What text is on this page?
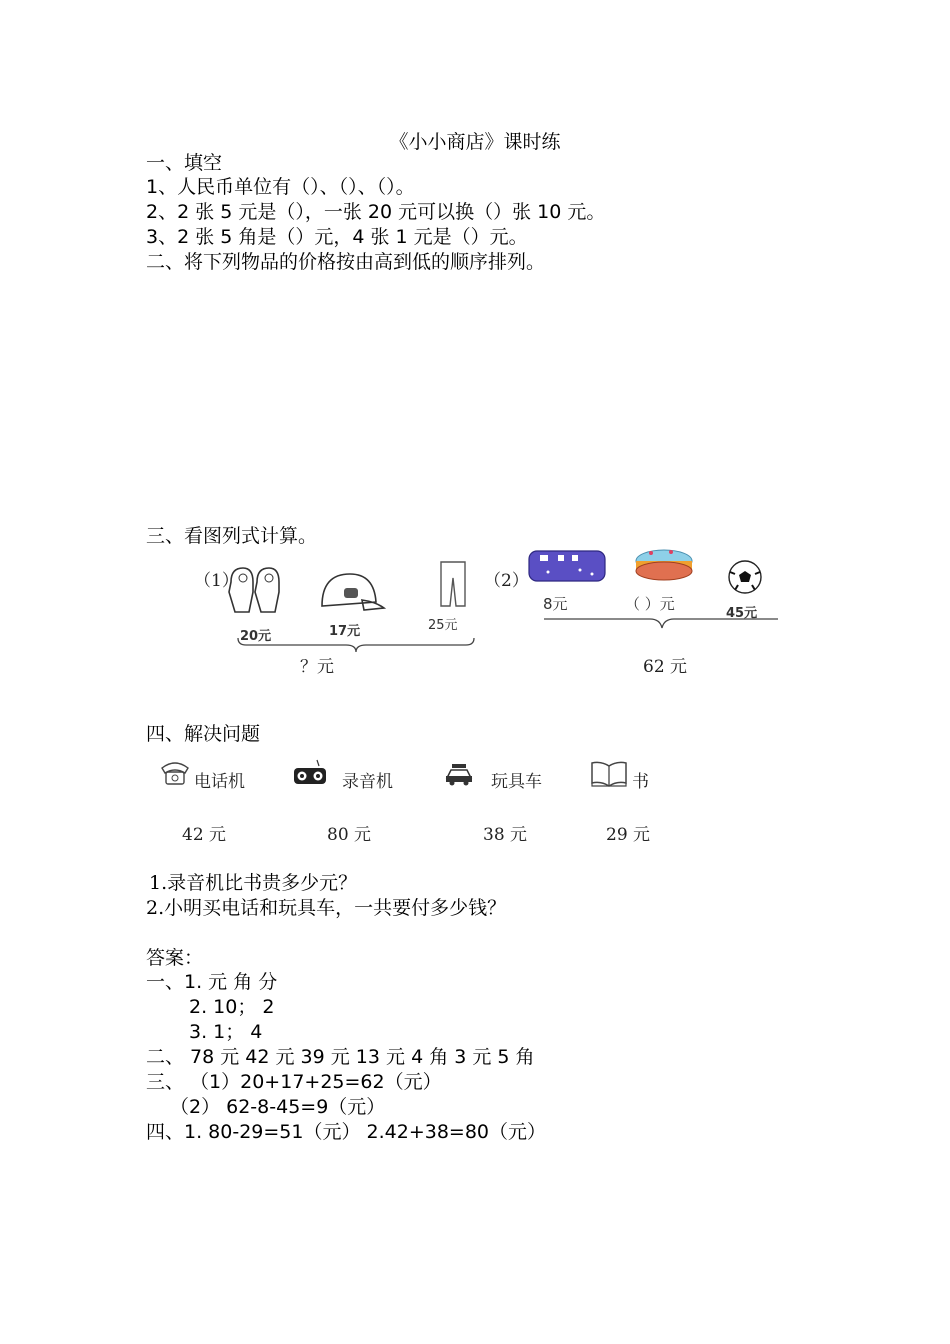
《小小商店》课时练
一、填空
1、人民币单位有（）、（）、（）。
2、2 张 5 元是（），一张 20 元可以换（）张 10 元。
3、2 张 5 角是（）元，4 张 1 元是（）元。
二、将下列物品的价格按由高到低的顺序排列。
三、看图列式计算。
（1）
20元	17元	25元
？元
（2）
8元	（ ）元
45元
62 元
四、解决问题
电话机	录音机	玩具车	书
42 元	80 元	38 元	29 元
1.录音机比书贵多少元？
2.小明买电话和玩具车，一共要付多少钱？
答案：
一、1. 元 角 分
2. 10； 2
3. 1； 4
二、 78 元 42 元 39 元 13 元 4 角 3 元 5 角
三、 （1）20+17+25=62（元）
（2） 62-8-45=9（元）
四、1. 80-29=51（元） 2.42+38=80（元）
